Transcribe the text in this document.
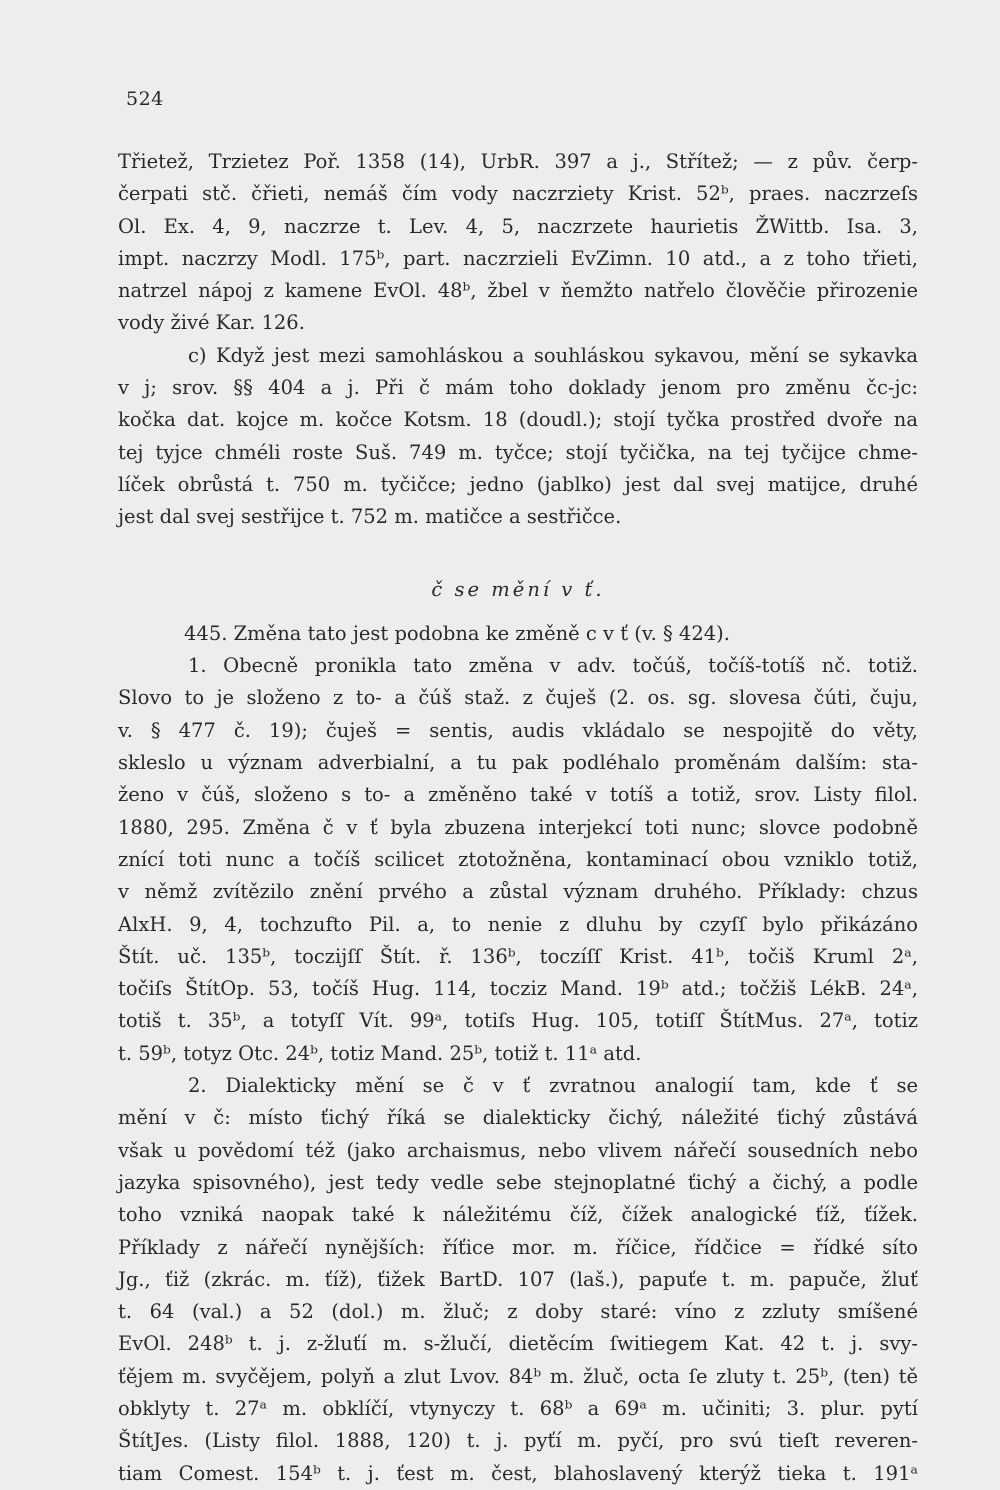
524
Třietež, Trzietez Poř. 1358 (14), UrbR. 397 a j., Střítež; — z pův. čerp-
čerpati stč. čřieti, nemáš čím vody naczrziety Krist. 52ᵇ, praes. naczrzeſs
Ol. Ex. 4, 9, naczrze t. Lev. 4, 5, naczrzete haurietis ŽWittb. Isa. 3,
impt. naczrzy Modl. 175ᵇ, part. naczrzieli EvZimn. 10 atd., a z toho třieti,
natrzel nápoj z kamene EvOl. 48ᵇ, žbel v ňemžto natřelo člověčie přirozenie
vody živé Kar. 126.
c) Když jest mezi samohláskou a souhláskou sykavou, mění se sykavka
v j; srov. §§ 404 a j. Při č mám toho doklady jenom pro změnu čc-jc:
kočka dat. kojce m. kočce Kotsm. 18 (doudl.); stojí tyčka prostřed dvoře na
tej tyjce chméli roste Suš. 749 m. tyčce; stojí tyčička, na tej tyčijce chme-
líček obrůstá t. 750 m. tyčičce; jedno (jablko) jest dal svej matijce, druhé
jest dal svej sestřijce t. 752 m. matičce a sestřičce.
č se mění v ť.
445. Změna tato jest podobna ke změně c v ť (v. § 424).
1. Obecně pronikla tato změna v adv. točúš, točíš-totíš nč. totiž.
Slovo to je složeno z to- a čúš staž. z čuješ (2. os. sg. slovesa čúti, čuju,
v. § 477 č. 19); čuješ = sentis, audis vkládalo se nespojitě do věty,
skleslo u význam adverbialní, a tu pak podléhalo proměnám dalším: sta-
ženo v čúš, složeno s to- a změněno také v totíš a totiž, srov. Listy filol.
1880, 295. Změna č v ť byla zbuzena interjekcí toti nunc; slovce podobně
znící toti nunc a točíš scilicet ztotožněna, kontaminací obou vzniklo totiž,
v němž zvítězilo znění prvého a zůstal význam druhého. Příklady: chzus
AlxH. 9, 4, tochzufto Pil. a, to nenie z dluhu by czyſſ bylo přikázáno
Štít. uč. 135ᵇ, toczijſſ Štít. ř. 136ᵇ, toczíſſ Krist. 41ᵇ, točiš Kruml 2ᵃ,
točiſs ŠtítOp. 53, točíš Hug. 114, tocziz Mand. 19ᵇ atd.; točžiš LékB. 24ᵃ,
totiš t. 35ᵇ, a totyſſ Vít. 99ᵃ, totiſs Hug. 105, totiſſ ŠtítMus. 27ᵃ, totiz
t. 59ᵇ, totyz Otc. 24ᵇ, totiz Mand. 25ᵇ, totiž t. 11ᵃ atd.
2. Dialekticky mění se č v ť zvratnou analogií tam, kde ť se
mění v č: místo ťichý říká se dialekticky čichý, náležité ťichý zůstává
však u povědomí též (jako archaismus, nebo vlivem nářečí sousedních nebo
jazyka spisovného), jest tedy vedle sebe stejnoplatné ťichý a čichý, a podle
toho vzniká naopak také k náležitému číž, čížek analogické ťíž, ťížek.
Příklady z nářečí nynějších: říťice mor. m. říčice, řídčice = řídké síto
Jg., ťiž (zkrác. m. ťíž), ťižek BartD. 107 (laš.), papuťe t. m. papuče, žluť
t. 64 (val.) a 52 (dol.) m. žluč; z doby staré: víno z zzluty smíšené
EvOl. 248ᵇ t. j. z-žluťí m. s-žlučí, dietěcím ſwitiegem Kat. 42 t. j. svy-
ťějem m. svyčějem, polyň a zlut Lvov. 84ᵇ m. žluč, octa ſe zluty t. 25ᵇ, (ten) tě
obklyty t. 27ᵃ m. obklíčí, vtynyczy t. 68ᵇ a 69ᵃ m. učiniti; 3. plur. pytí
ŠtítJes. (Listy filol. 1888, 120) t. j. pyťí m. pyčí, pro svú tieſt reveren-
tiam Comest. 154ᵇ t. j. ťest m. čest, blahoslavený kterýž tieka t. 191ᵃ
